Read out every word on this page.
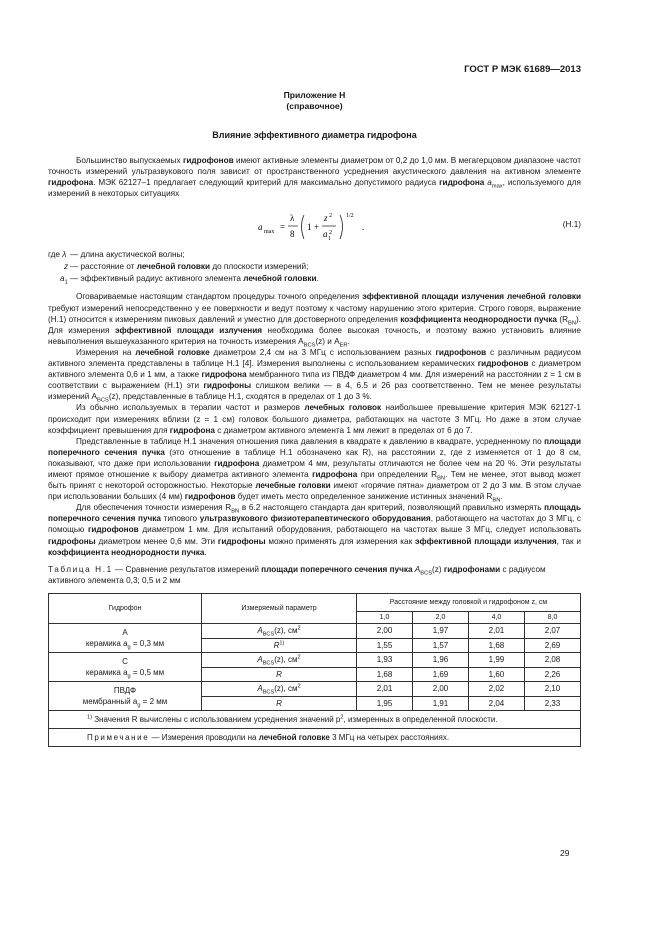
ГОСТ Р МЭК 61689—2013
Приложение Н
(справочное)
Влияние эффективного диаметра гидрофона

Большинство выпускаемых гидрофонов имеют активные элементы диаметром от 0,2 до 1,0 мм. В мегагерцовом диапазоне частот точность измерений ультразвукового поля зависит от пространственного усреднения акустического давления на активном элементе гидрофона. МЭК 62127–1 предлагает следующий критерий для максимально допустимого радиуса гидрофона $a_{max}$, используемого для измерений в некоторых ситуациях

a max =
λ
8
1 +
z 2
a 1
2
1/2
.	(Н.1)
где λ — длина акустической волны;
z — расстояние от лечебной головки до плоскости измерений;
$a_1$ — эффективный радиус активного элемента лечебной головки.

Оговариваемые настоящим стандартом процедуры точного определения эффективной площади излучения лечебной головки требуют измерений непосредственно у ее поверхности и ведут поэтому к частому нарушению этого критерия. Строго говоря, выражение (Н.1) относится к измерениям пиковых давлений и уместно для достоверного определения коэффициента неоднородности пучка $(R_{BN})$. Для измерения эффективной площади излучения необходима более высокая точность, и поэтому важно установить влияние невыполнения вышеуказанного критерия на точность измерения $A_{BCS}(z)$ и $A_{ER}$.

Измерения на лечебной головке диаметром 2,4 см на 3 МГц с использованием разных гидрофонов с различным радиусом активного элемента представлены в таблице Н.1 [4]. Измерения выполнены с использованием керамических гидрофонов с диаметром активного элемента 0,6 и 1 мм, а также гидрофона мембранного типа из ПВДФ диаметром 4 мм. Для измерений на расстоянии z = 1 см в соответствии с выражением (Н.1) эти гидрофоны слишком велики — в 4, 6.5 и 26 раз соответственно. Тем не менее результаты измерений $A_{BCS}(z)$, представленные в таблице Н.1, сходятся в пределах от 1 до 3 %.

Из обычно используемых в терапии частот и размеров лечебных головок наибольшее превышение критерия МЭК 62127-1 происходит при измерениях вблизи (z = 1 см) головок большого диаметра, работающих на частоте 3 МГц. Но даже в этом случае коэффициент превышения для гидрофона с диаметром активного элемента 1 мм лежит в пределах от 6 до 7.

Представленные в таблице Н.1 значения отношения пика давления в квадрате к давлению в квадрате, усредненному по площади поперечного сечения пучка (это отношение в таблице Н.1 обозначено как R), на расстоянии z, где z изменяется от 1 до 8 см, показывают, что даже при использовании гидрофона диаметром 4 мм, результаты отличаются не более чем на 20 %. Эти результаты имеют прямое отношение к выбору диаметра активного элемента гидрофона при определении $R_{BN}$. Тем не менее, этот вывод может быть принят с некоторой осторожностью. Некоторые лечебные головки имеют «горячие пятна» диаметром от 2 до 3 мм. В этом случае при использовании больших (4 мм) гидрофонов будет иметь место определенное занижение истинных значений $R_{BN}$.

Для обеспечения точности измерения $R_{BN}$ в 6.2 настоящего стандарта дан критерий, позволяющий правильно измерять площадь поперечного сечения пучка типового ультразвукового физиотерапевтического оборудования, работающего на частотах до 3 МГц, с помощью гидрофонов диаметром 1 мм. Для испытаний оборудования, работающего на частотах выше 3 МГц, следует использовать гидрофоны диаметром менее 0,6 мм. Эти гидрофоны можно применять для измерения как эффективной площади излучения, так и коэффициента неоднородности пучка.

Таблица Н.1 — Сравнение результатов измерений площади поперечного сечения пучка $A_{BCS}(z)$ гидрофонами с радиусом активного элемента 0,3; 0,5 и 2 мм

Гидрофон	Измеряемый параметр	Расстояние между головкой и гидрофоном z, см			
		1,0	2,0	4,0	8,0

А
керамика $a_g = 0,3$ мм	$A_{BCS}(z)$, $см^2$	2,00	1,97	2,01	2,07
	$R^{1)}$	1,55	1,57	1,68	2,69

С
керамика $a_g = 0,5$ мм	$A_{BCS}(z)$, $см^2$	1,93	1,96	1,99	2,08
	R	1,68	1,69	1,60	2,26

ПВДФ
мембранный $a_g = 2$ мм	$A_{BCS}(z)$, $см^2$	2,01	2,00	2,02	2,10
	R	1,95	1,91	2,04	2,33
$^{1)}$ Значения R вычислены с использованием усреднения значений $p^2$, измеренных в определенной плоскости.					
Примечание — Измерения проводили на лечебной головке 3 МГц на четырех расстояниях.					
29
